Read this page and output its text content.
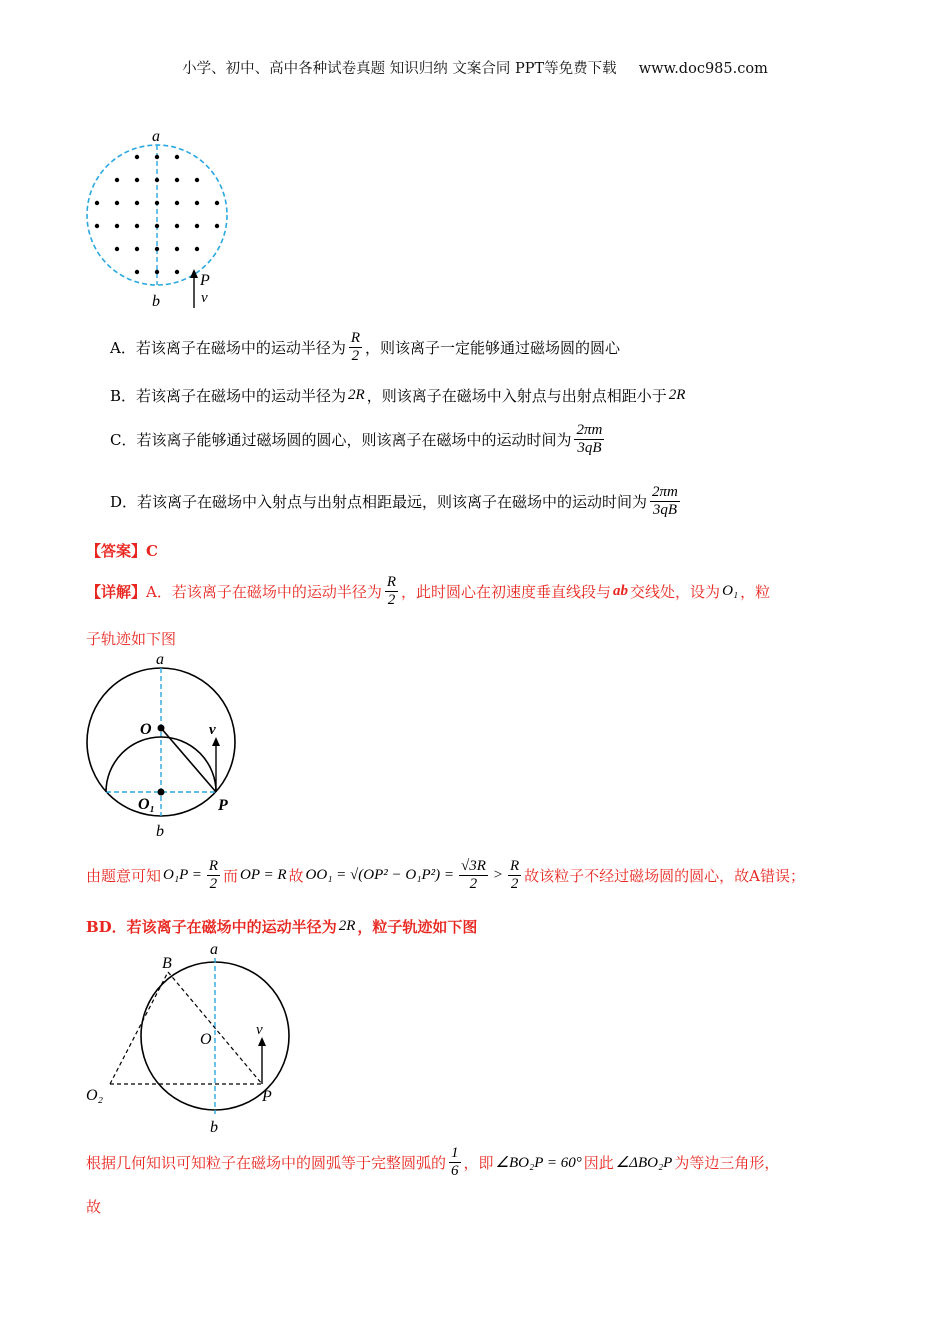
小学、初中、高中各种试卷真题 知识归纳 文案合同 PPT等免费下载 www.doc985.com
a
b
P
v
A．若该离子在磁场中的运动半径为 $\frac{R}{2}$ ，则该离子一定能够通过磁场圆的圆心
B．若该离子在磁场中的运动半径为 2R ，则该离子在磁场中入射点与出射点相距小于 2R
C．若该离子能够通过磁场圆的圆心，则该离子在磁场中的运动时间为 $\frac{2\pi m}{3qB}$
D．若该离子在磁场中入射点与出射点相距最远，则该离子在磁场中的运动时间为 $\frac{2\pi m}{3qB}$
【答案】C
【详解】 A．若该离子在磁场中的运动半径为 $\frac{R}{2}$ ，此时圆心在初速度垂直线段与 ab 交线处，设为 O₁ ，粒
子轨迹如下图
a
b
O
O₁	P
v
由题意可知 $O_1P = \frac{R}{2}$ 而 OP = R 故 $OO_1 = √(OP^2 - O_1P^2) = \frac{√3R}{2} > \frac{R}{2}$ 故该粒子不经过磁场圆的圆心，故A错误；
BD．若该离子在磁场中的运动半径为 2R ，粒子轨迹如下图
a
b
B
O
O₂	P
v
根据几何知识可知粒子在磁场中的圆弧等于完整圆弧的 $\frac{1}{6}$ ，即 ∠BO₂P = 60° 因此 ∠ΔBO₂P 为等边三角形，
故
